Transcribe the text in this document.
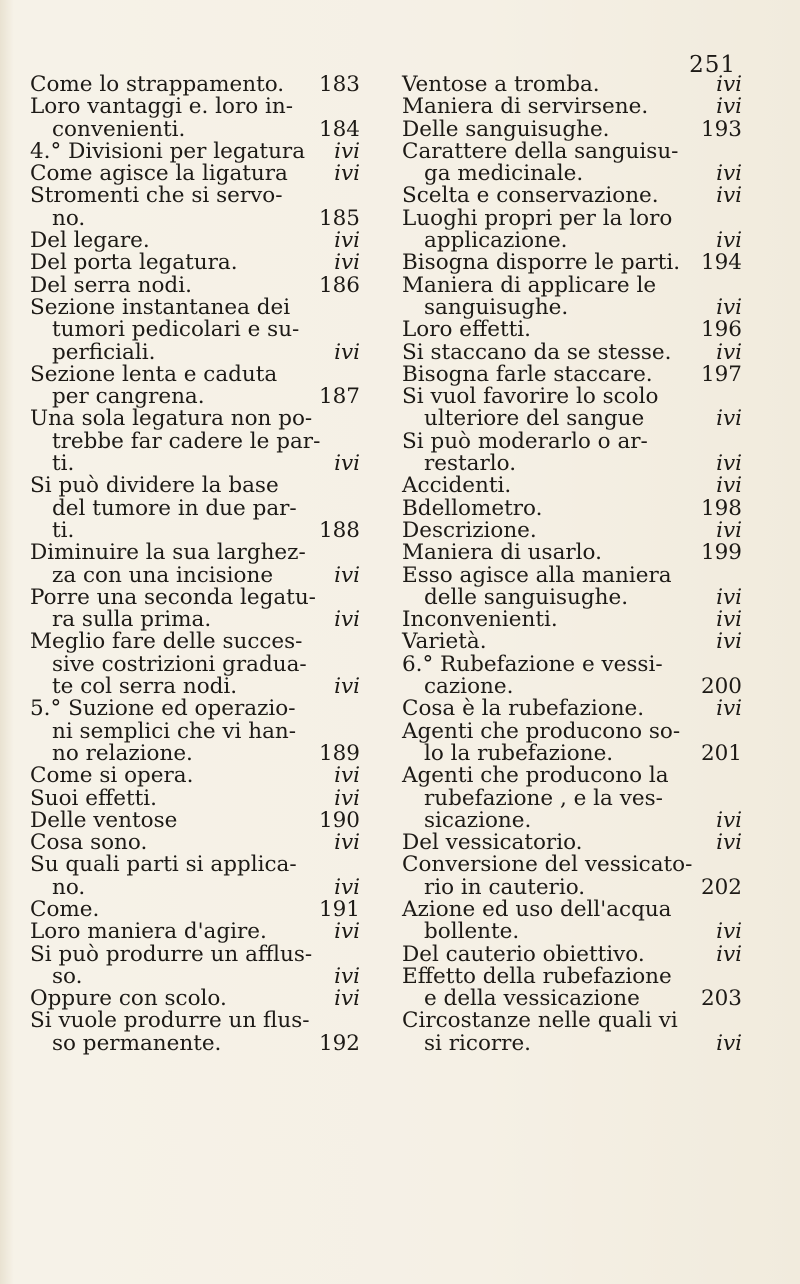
251
Come lo strappamento.	183
Loro vantaggi e. loro in-
convenienti.	184
4.° Divisioni per legatura	ivi
Come agisce la ligatura	ivi
Stromenti che si servo-
no.	185
Del legare.	ivi
Del porta legatura.	ivi
Del serra nodi.	186
Sezione instantanea dei
tumori pedicolari e su-
perficiali.	ivi
Sezione lenta e caduta
per cangrena.	187
Una sola legatura non po-
trebbe far cadere le par-
ti.	ivi
Si può dividere la base
del tumore in due par-
ti.	188
Diminuire la sua larghez-
za con una incisione	ivi
Porre una seconda legatu-
ra sulla prima.	ivi
Meglio fare delle succes-
sive costrizioni gradua-
te col serra nodi.	ivi
5.° Suzione ed operazio-
ni semplici che vi han-
no relazione.	189
Come si opera.	ivi
Suoi effetti.	ivi
Delle ventose	190
Cosa sono.	ivi
Su quali parti si applica-
no.	ivi
Come.	191
Loro maniera d'agire.	ivi
Si può produrre un afflus-
so.	ivi
Oppure con scolo.	ivi
Si vuole produrre un flus-
so permanente.	192
Ventose a tromba.	ivi
Maniera di servirsene.	ivi
Delle sanguisughe.	193
Carattere della sanguisu-
ga medicinale.	ivi
Scelta e conservazione.	ivi
Luoghi propri per la loro
applicazione.	ivi
Bisogna disporre le parti. 194
Maniera di applicare le
sanguisughe.	ivi
Loro effetti.	196
Si staccano da se stesse.	ivi
Bisogna farle staccare.	197
Si vuol favorire lo scolo
ulteriore del sangue	ivi
Si può moderarlo o ar-
restarlo.	ivi
Accidenti.	ivi
Bdellometro.	198
Descrizione.	ivi
Maniera di usarlo.	199
Esso agisce alla maniera
delle sanguisughe.	ivi
Inconvenienti.	ivi
Varietà.	ivi
6.° Rubefazione e vessi-
cazione.	200
Cosa è la rubefazione.	ivi
Agenti che producono so-
lo la rubefazione.	201
Agenti che producono la
rubefazione , e la ves-
sicazione.	ivi
Del vessicatorio.	ivi
Conversione del vessicato-
rio in cauterio.	202
Azione ed uso dell'acqua
bollente.	ivi
Del cauterio obiettivo.	ivi
Effetto della rubefazione
e della vessicazione	203
Circostanze nelle quali vi
si ricorre.	ivi
